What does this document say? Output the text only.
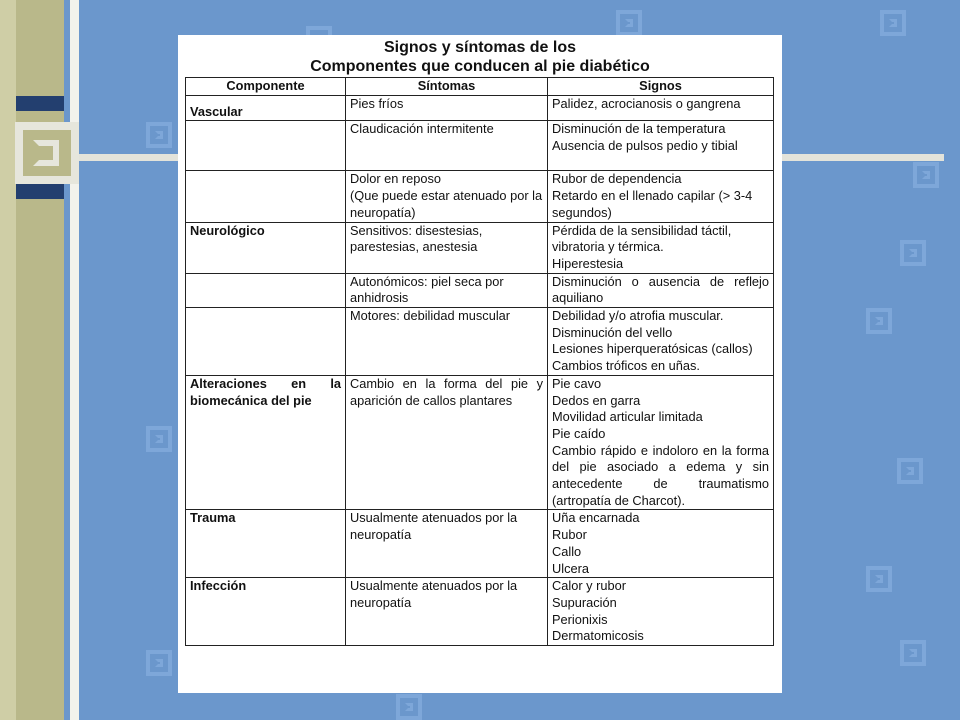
Signos y síntomas de los
Componentes que conducen al pie diabético
Componente	Síntomas	Signos

Vascular	Pies fríos	Palidez, acrocianosis o gangrena

	Claudicación intermitente	Disminución de la temperatura
Ausencia de pulsos pedio y tibial

	Dolor en reposo
(Que puede estar atenuado por la neuropatía)	Rubor de dependencia
Retardo en el llenado capilar (> 3-4 segundos)

Neurológico	Sensitivos: disestesias, parestesias, anestesia	Pérdida de la sensibilidad táctil, vibratoria y térmica.
Hiperestesia

	Autonómicos: piel seca por anhidrosis	Disminución o ausencia de reflejo aquiliano

	Motores: debilidad muscular	Debilidad y/o atrofia muscular.
Disminución del vello
Lesiones hiperqueratósicas (callos)
Cambios tróficos en uñas.

Alteraciones en la biomecánica del pie	Cambio en la forma del pie y aparición de callos plantares	Pie cavo
Dedos en garra
Movilidad articular limitada
Pie caído
Cambio rápido e indoloro en la forma del pie asociado a edema y sin antecedente de traumatismo (artropatía de Charcot).

Trauma	Usualmente atenuados por la neuropatía	Uña encarnada
Rubor
Callo
Ulcera

Infección	Usualmente atenuados por la neuropatía	Calor y rubor
Supuración
Perionixis
Dermatomicosis
